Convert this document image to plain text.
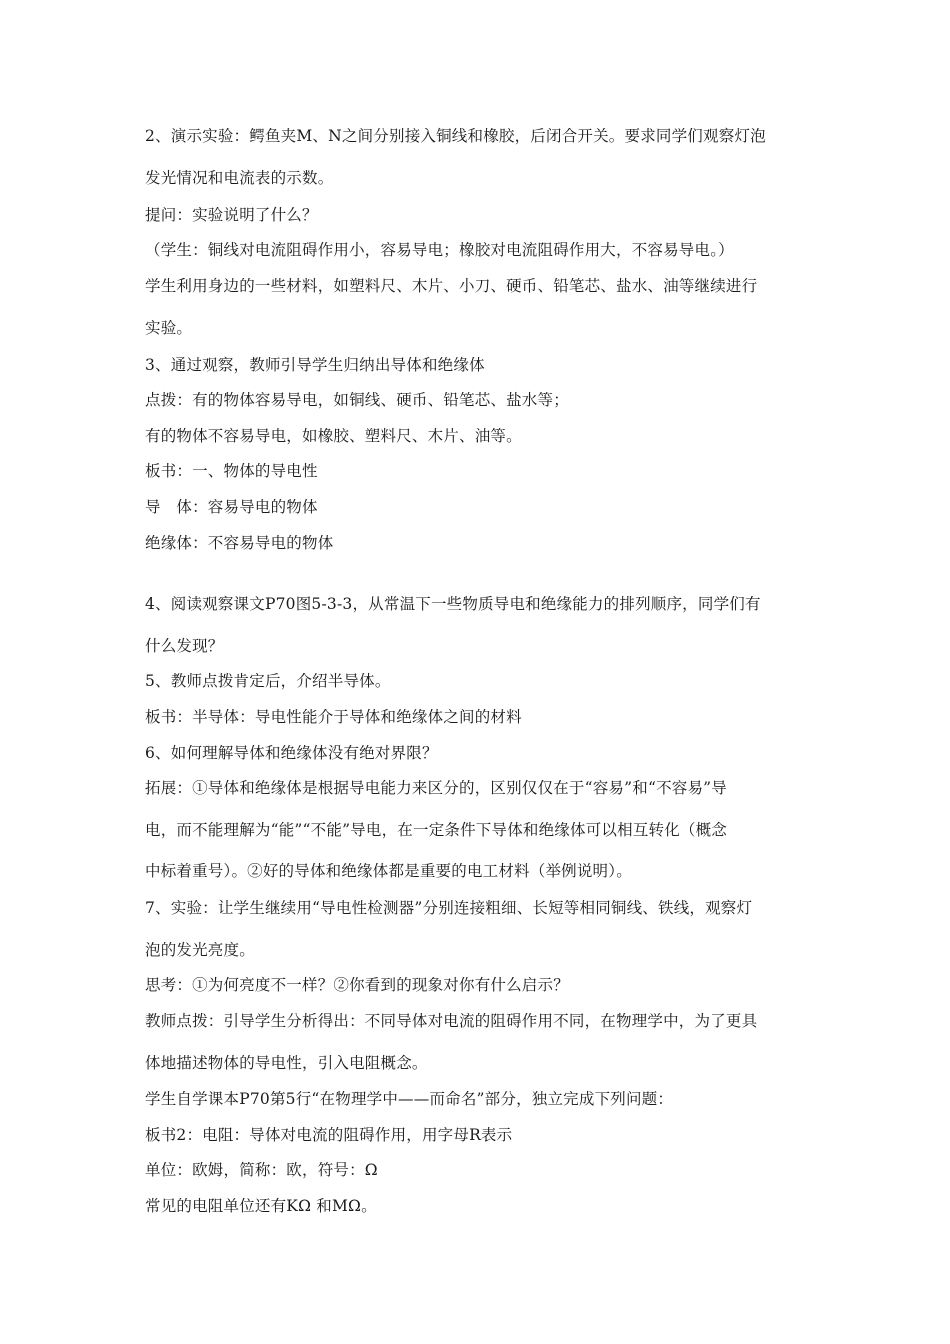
2、演示实验：鳄鱼夹M、N之间分别接入铜线和橡胶，后闭合开关。要求同学们观察灯泡
发光情况和电流表的示数。
提问：实验说明了什么？
（学生：铜线对电流阻碍作用小，容易导电；橡胶对电流阻碍作用大，不容易导电。）
学生利用身边的一些材料，如塑料尺、木片、小刀、硬币、铅笔芯、盐水、油等继续进行
实验。
3、通过观察，教师引导学生归纳出导体和绝缘体
点拨：有的物体容易导电，如铜线、硬币、铅笔芯、盐水等；
有的物体不容易导电，如橡胶、塑料尺、木片、油等。
板书：一、物体的导电性
导　体：容易导电的物体
绝缘体：不容易导电的物体
4、阅读观察课文P70图5-3-3，从常温下一些物质导电和绝缘能力的排列顺序，同学们有
什么发现？
5、教师点拨肯定后，介绍半导体。
板书：半导体：导电性能介于导体和绝缘体之间的材料
6、如何理解导体和绝缘体没有绝对界限？
拓展：①导体和绝缘体是根据导电能力来区分的，区别仅仅在于“容易”和“不容易”导
电，而不能理解为“能”“不能”导电，在一定条件下导体和绝缘体可以相互转化（概念
中标着重号）。②好的导体和绝缘体都是重要的电工材料（举例说明）。
7、实验：让学生继续用“导电性检测器”分别连接粗细、长短等相同铜线、铁线，观察灯
泡的发光亮度。
思考：①为何亮度不一样？②你看到的现象对你有什么启示？
教师点拨：引导学生分析得出：不同导体对电流的阻碍作用不同，在物理学中，为了更具
体地描述物体的导电性，引入电阻概念。
学生自学课本P70第5行“在物理学中——而命名”部分，独立完成下列问题：
板书2：电阻：导体对电流的阻碍作用，用字母R表示
单位：欧姆，简称：欧，符号：Ω
常见的电阻单位还有KΩ 和MΩ。
